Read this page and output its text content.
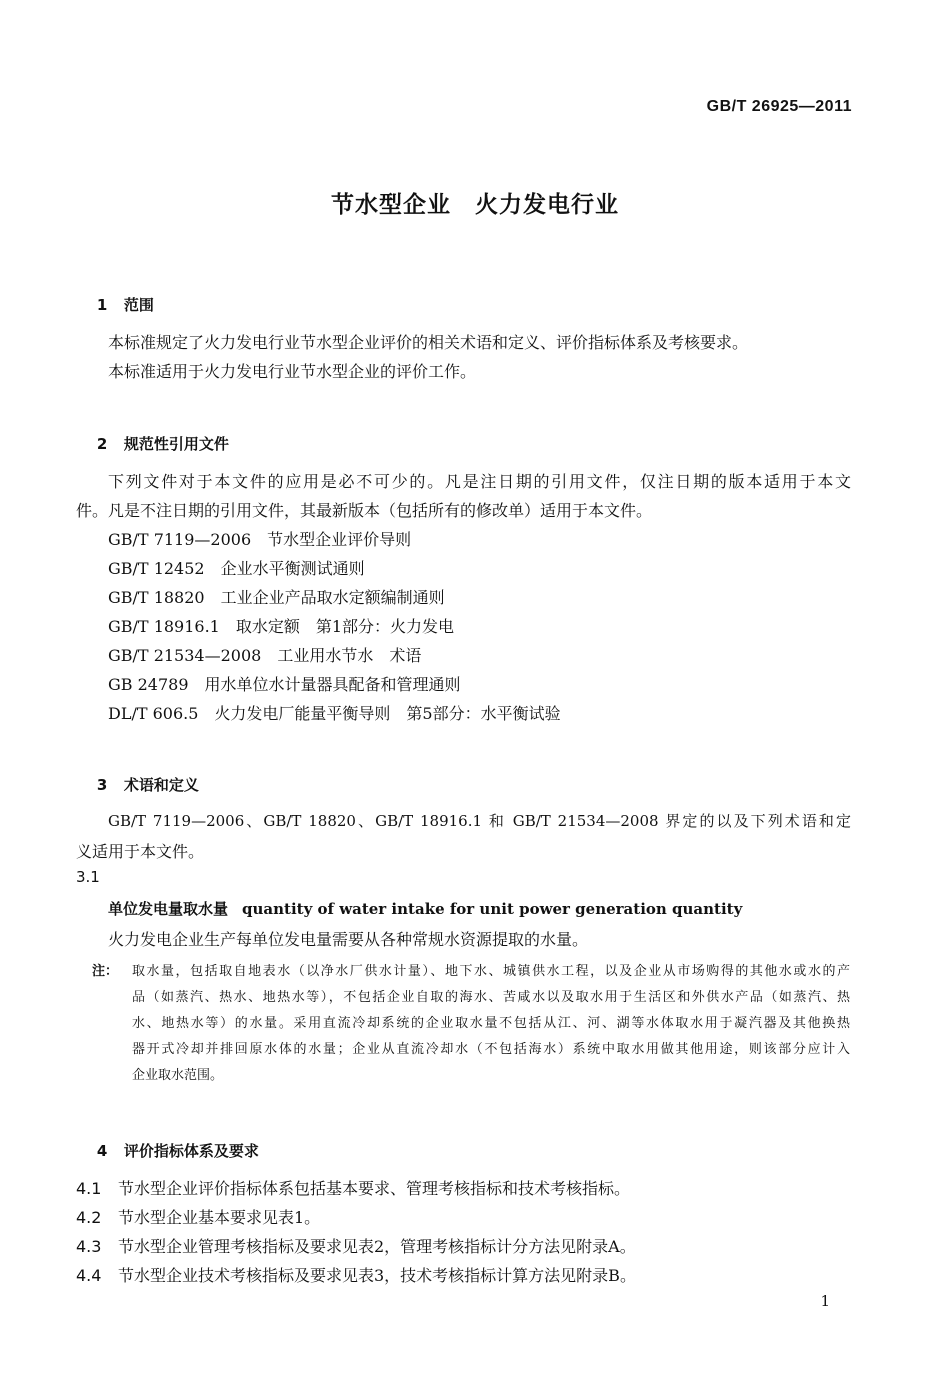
GB/T 26925—2011
节水型企业　火力发电行业

1 范围

本标准规定了火力发电行业节水型企业评价的相关术语和定义、评价指标体系及考核要求。
本标准适用于火力发电行业节水型企业的评价工作。

2 规范性引用文件

下列文件对于本文件的应用是必不可少的。凡是注日期的引用文件，仅注日期的版本适用于本文
件。凡是不注日期的引用文件，其最新版本（包括所有的修改单）适用于本文件。
GB/T 7119—2006 节水型企业评价导则
GB/T 12452 企业水平衡测试通则
GB/T 18820 工业企业产品取水定额编制通则
GB/T 18916.1 取水定额　第1部分：火力发电
GB/T 21534—2008 工业用水节水　术语
GB 24789 用水单位水计量器具配备和管理通则
DL/T 606.5 火力发电厂能量平衡导则　第5部分：水平衡试验

3 术语和定义

GB/T 7119—2006、GB/T 18820、GB/T 18916.1 和 GB/T 21534—2008 界定的以及下列术语和定
义适用于本文件。
3.1
单位发电量取水量 quantity of water intake for unit power generation quantity
火力发电企业生产每单位发电量需要从各种常规水资源提取的水量。
注： 取水量，包括取自地表水（以净水厂供水计量）、地下水、城镇供水工程，以及企业从市场购得的其他水或水的产
品（如蒸汽、热水、地热水等），不包括企业自取的海水、苦咸水以及取水用于生活区和外供水产品（如蒸汽、热
水、地热水等）的水量。采用直流冷却系统的企业取水量不包括从江、河、湖等水体取水用于凝汽器及其他换热
器开式冷却并排回原水体的水量；企业从直流冷却水（不包括海水）系统中取水用做其他用途，则该部分应计入
企业取水范围。

4 评价指标体系及要求

4.1 节水型企业评价指标体系包括基本要求、管理考核指标和技术考核指标。
4.2 节水型企业基本要求见表1。
4.3 节水型企业管理考核指标及要求见表2，管理考核指标计分方法见附录A。
4.4 节水型企业技术考核指标及要求见表3，技术考核指标计算方法见附录B。
1
